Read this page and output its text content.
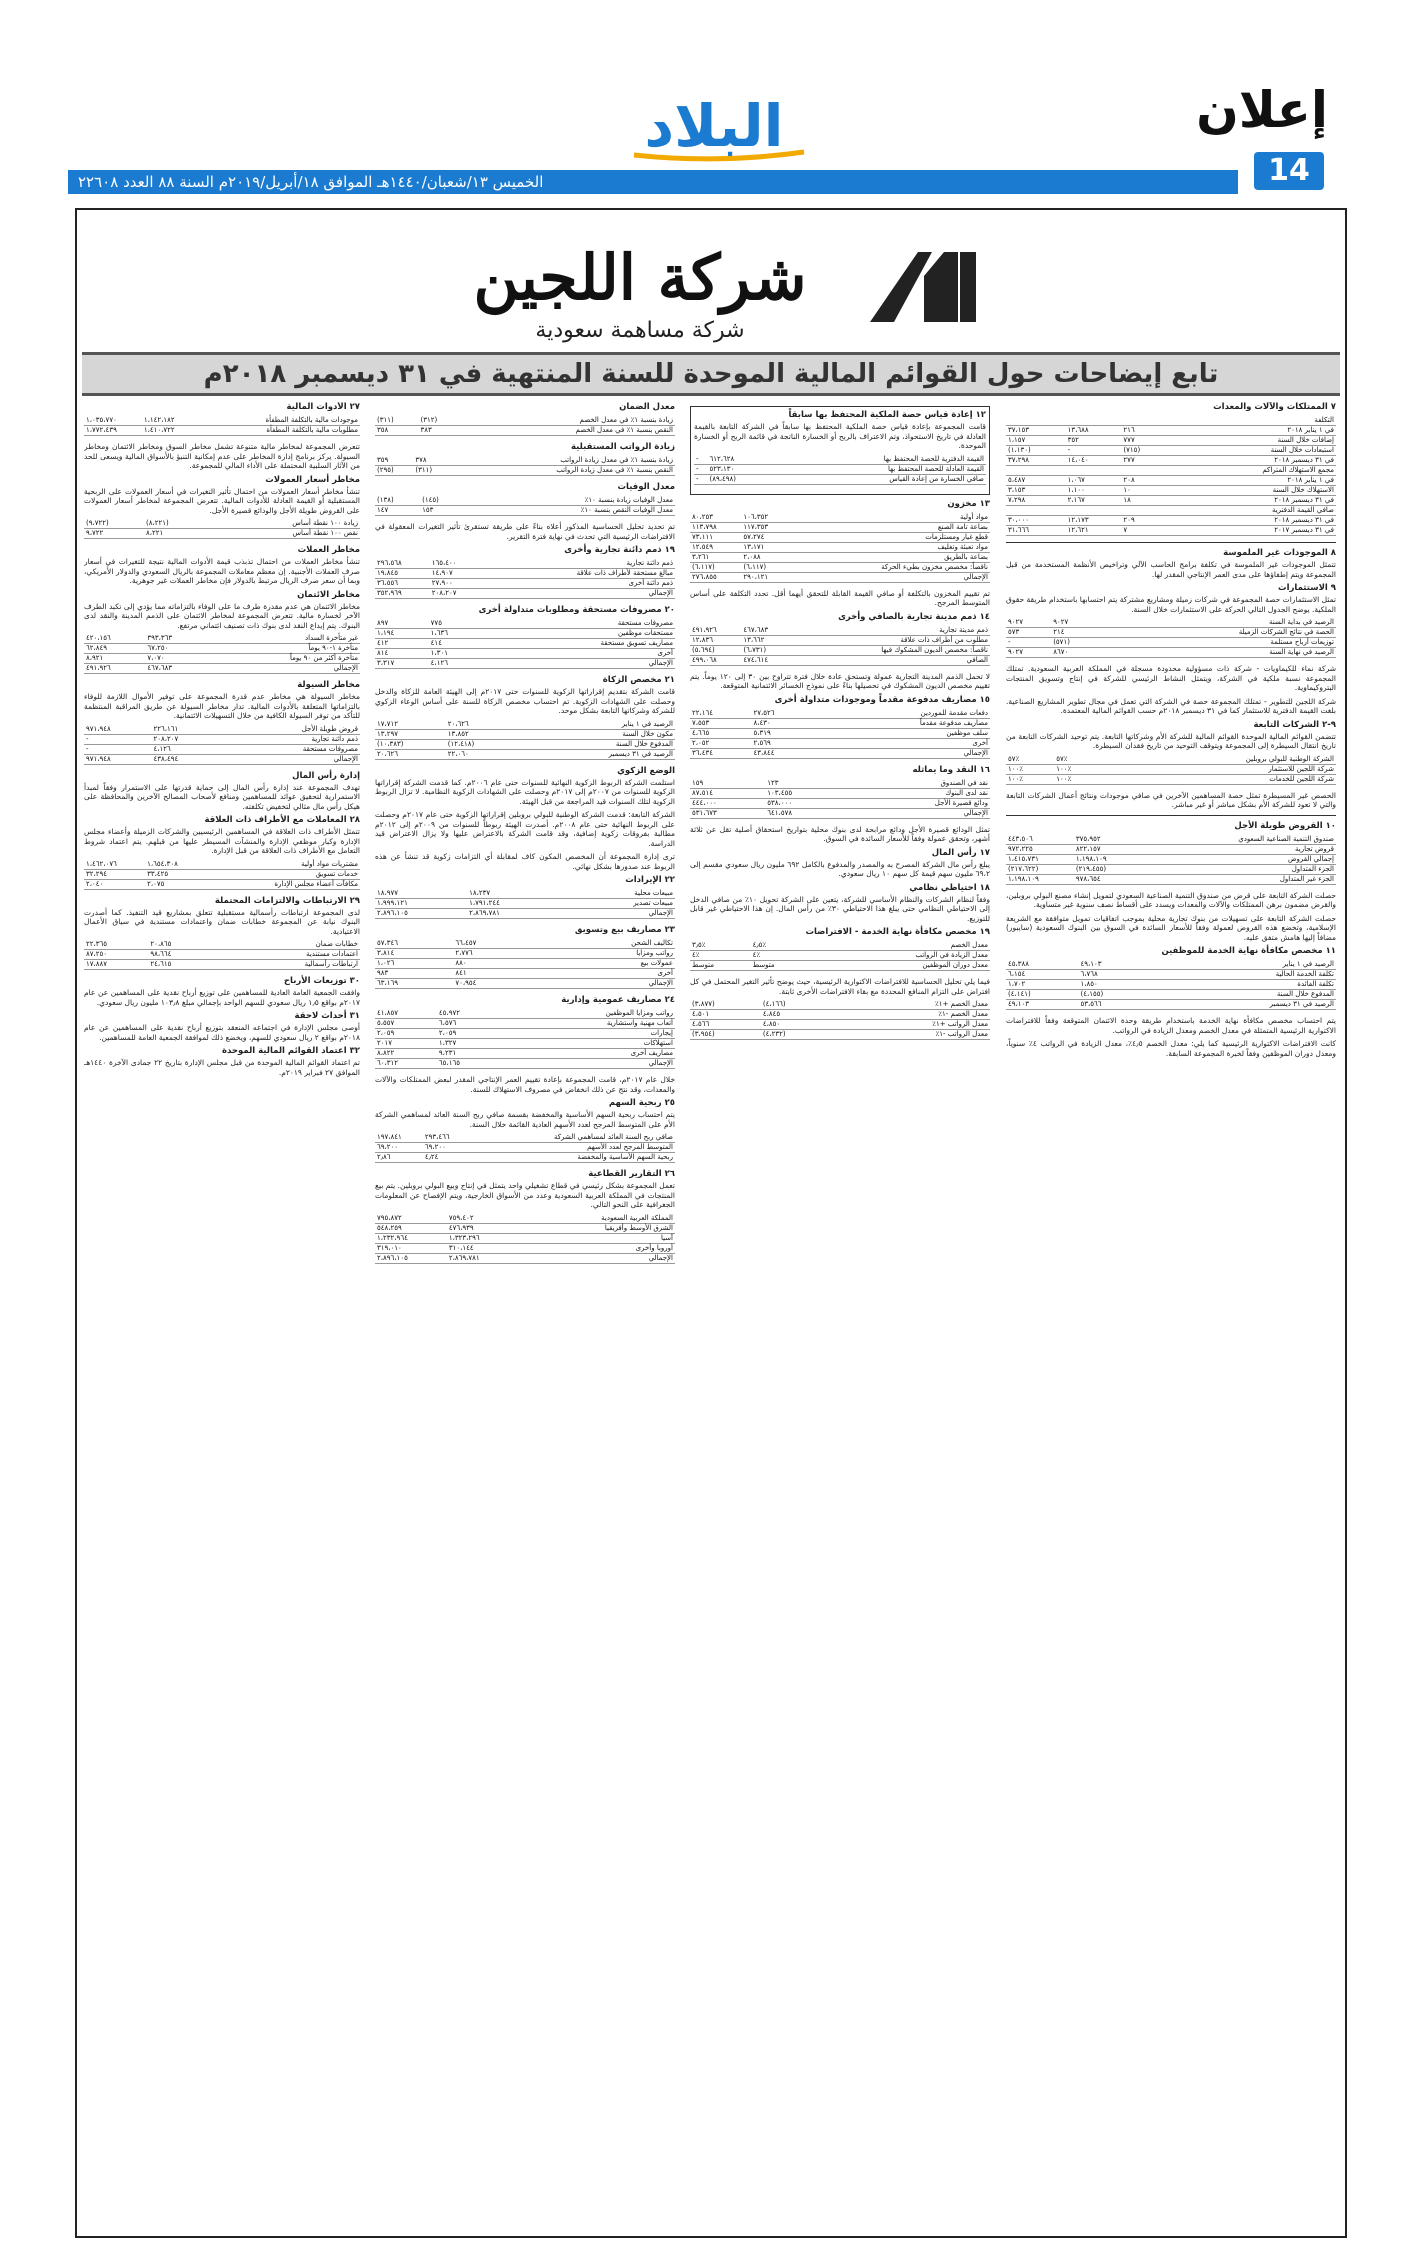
البلاد	إعلان
14
الخميس ١٣/شعبان/١٤٤٠هـ الموافق ١٨/أبريل/٢٠١٩م السنة ٨٨ العدد ٢٢٦٠٨
شركة اللجين
شركة مساهمة سعودية
تابع إيضاحات حول القوائم المالية الموحدة للسنة المنتهية في ٣١ ديسمبر ٢٠١٨م
٧ الممتلكات والآلات والمعدات
			التكلفة
٣٧،١٥٣	١٣،٦٨٨	٢١٦	في ١ يناير ٢٠١٨
١،١٥٧	٣٥٢	٧٧٧	إضافات خلال السنة
(١،١٣٠)	-	(٧١٥)	استبعادات خلال السنة
٣٧،٢٩٨	١٤،٠٤٠	٢٧٧	في ٣١ ديسمبر ٢٠١٨
			مجمع الاستهلاك المتراكم
٥،٤٨٧	١،٠٦٧	٢٠٨	في ١ يناير ٢٠١٨
٣،١٥٣	١،١٠٠	١٠	الاستهلاك خلال السنة
٧،٢٩٨	٢،١٦٧	١٨	في ٣١ ديسمبر ٢٠١٨
			صافي القيمة الدفترية
٣٠،٠٠٠	١٢،١٧٣	٢٠٩	في ٣١ ديسمبر ٢٠١٨
٣١،٦٦٦	١٢،٦٢١	٧	في ٣١ ديسمبر ٢٠١٧
٨ الموجودات غير الملموسة
تتمثل الموجودات غير الملموسة في تكلفة برامج الحاسب الآلي وتراخيص الأنظمة المستخدمة من قبل المجموعة ويتم إطفاؤها على مدى العمر الإنتاجي المقدر لها.
٩ الاستثمارات
تمثل الاستثمارات حصة المجموعة في شركات زميلة ومشاريع مشتركة يتم احتسابها باستخدام طريقة حقوق الملكية. يوضح الجدول التالي الحركة على الاستثمارات خلال السنة.
٩٠٢٧	٩٠٢٧	الرصيد في بداية السنة
٥٧٣	٢١٤	الحصة في نتائج الشركات الزميلة
-	(٥٧١)	توزيعات أرباح مستلمة
٩٠٢٧	٨٦٧٠	الرصيد في نهاية السنة
شركة نماء للكيماويات - شركة ذات مسؤولية محدودة مسجلة في المملكة العربية السعودية. تمتلك المجموعة نسبة ملكية في الشركة، ويتمثل النشاط الرئيسي للشركة في إنتاج وتسويق المنتجات البتروكيماوية.
شركة اللجين للتطوير - تمتلك المجموعة حصة في الشركة التي تعمل في مجال تطوير المشاريع الصناعية. بلغت القيمة الدفترية للاستثمار كما في ٣١ ديسمبر ٢٠١٨م حسب القوائم المالية المعتمدة.
٩-٢ الشركات التابعة
تتضمن القوائم المالية الموحدة القوائم المالية للشركة الأم وشركاتها التابعة. يتم توحيد الشركات التابعة من تاريخ انتقال السيطرة إلى المجموعة ويتوقف التوحيد من تاريخ فقدان السيطرة.
٥٧٪	٥٧٪	الشركة الوطنية للبولي بروبلين
١٠٠٪	١٠٠٪	شركة اللجين للاستثمار
١٠٠٪	١٠٠٪	شركة اللجين للخدمات
الحصص غير المسيطرة تمثل حصة المساهمين الآخرين في صافي موجودات ونتائج أعمال الشركات التابعة والتي لا تعود للشركة الأم بشكل مباشر أو غير مباشر.
١٠ القروض طويلة الأجل
٤٤٣،٥٠٦	٣٧٥،٩٥٢	صندوق التنمية الصناعية السعودي
٩٧٢،٢٢٥	٨٢٢،١٥٧	قروض تجارية
١،٤١٥،٧٣١	١،١٩٨،١٠٩	إجمالي القروض
(٢١٧،٦٢٢)	(٢١٩،٤٥٥)	الجزء المتداول
١،١٩٨،١٠٩	٩٧٨،٦٥٤	الجزء غير المتداول
حصلت الشركة التابعة على قرض من صندوق التنمية الصناعية السعودي لتمويل إنشاء مصنع البولي بروبلين، والقرض مضمون برهن الممتلكات والآلات والمعدات ويسدد على أقساط نصف سنوية غير متساوية.
حصلت الشركة التابعة على تسهيلات من بنوك تجارية محلية بموجب اتفاقيات تمويل متوافقة مع الشريعة الإسلامية، وتخضع هذه القروض لعمولة وفقاً للأسعار السائدة في السوق بين البنوك السعودية (سايبور) مضافاً إليها هامش متفق عليه.
١١ مخصص مكافأة نهاية الخدمة للموظفين
٤٥،٣٨٨	٤٩،١٠٣	الرصيد في ١ يناير
٦،١٥٤	٦،٧٦٨	تكلفة الخدمة الحالية
١،٧٠٢	١،٨٥٠	تكلفة الفائدة
(٤،١٤١)	(٤،١٥٥)	المدفوع خلال السنة
٤٩،١٠٣	٥٣،٥٦٦	الرصيد في ٣١ ديسمبر
يتم احتساب مخصص مكافأة نهاية الخدمة باستخدام طريقة وحدة الائتمان المتوقعة وفقاً للافتراضات الاكتوارية الرئيسية المتمثلة في معدل الخصم ومعدل الزيادة في الرواتب.
كانت الافتراضات الاكتوارية الرئيسية كما يلي: معدل الخصم ٤٫٥٪، معدل الزيادة في الرواتب ٤٪ سنوياً، ومعدل دوران الموظفين وفقاً لخبرة المجموعة السابقة.
١٢ إعادة قياس حصة الملكية المحتفظ بها سابقاً
قامت المجموعة بإعادة قياس حصة الملكية المحتفظ بها سابقاً في الشركة التابعة بالقيمة العادلة في تاريخ الاستحواذ، وتم الاعتراف بالربح أو الخسارة الناتجة في قائمة الربح أو الخسارة الموحدة.
-	٦١٢،٦٢٨	القيمة الدفترية للحصة المحتفظ بها
-	٥٢٣،١٣٠	القيمة العادلة للحصة المحتفظ بها
-	(٨٩،٤٩٨)	صافي الخسارة من إعادة القياس
١٣ مخزون
٨٠،٢٥٣	١٠٦،٣٥٢	مواد أولية
١١٣،٧٩٨	١١٧،٣٥٣	بضاعة تامة الصنع
٧٣،١١١	٥٧،٢٧٤	قطع غيار ومستلزمات
١٢،٥٤٩	١٣،١٧١	مواد تعبئة وتغليف
٣،٢٦١	٢،٠٨٨	بضاعة بالطريق
(٦،١١٧)	(٦،١١٧)	ناقصاً: مخصص مخزون بطيء الحركة
٢٧٦،٨٥٥	٢٩٠،١٢١	الإجمالي
تم تقييم المخزون بالتكلفة أو صافي القيمة القابلة للتحقق أيهما أقل. تحدد التكلفة على أساس المتوسط المرجح.
١٤ ذمم مدينة تجارية بالصافي وأخرى
٤٩١،٩٢٦	٤٦٧،٦٨٣	ذمم مدينة تجارية
١٢،٨٣٦	١٣،٦٦٢	مطلوب من أطراف ذات علاقة
(٥،٦٩٤)	(٦،٧٣١)	ناقصاً: مخصص الديون المشكوك فيها
٤٩٩،٠٦٨	٤٧٤،٦١٤	الصافي
لا تحمل الذمم المدينة التجارية عمولة وتستحق عادة خلال فترة تتراوح بين ٣٠ إلى ١٢٠ يوماً. يتم تقييم مخصص الديون المشكوك في تحصيلها بناءً على نموذج الخسائر الائتمانية المتوقعة.
١٥ مصاريف مدفوعة مقدماً وموجودات متداولة أخرى
٢٢،١٦٤	٢٧،٥٢٦	دفعات مقدمة للموردين
٧،٥٥٣	٨،٤٣٠	مصاريف مدفوعة مقدماً
٤،٦٦٥	٥،٣١٩	سلف موظفين
٢،٠٥٢	٢،٥٦٩	أخرى
٣٦،٤٣٤	٤٣،٨٤٤	الإجمالي
١٦ النقد وما يماثله
١٥٩	١٢٣	نقد في الصندوق
٨٧،٥١٤	١٠٣،٤٥٥	نقد لدى البنوك
٤٤٤،٠٠٠	٥٣٨،٠٠٠	ودائع قصيرة الأجل
٥٣١،٦٧٣	٦٤١،٥٧٨	الإجمالي
تمثل الودائع قصيرة الأجل ودائع مرابحة لدى بنوك محلية بتواريخ استحقاق أصلية تقل عن ثلاثة أشهر، وتحقق عمولة وفقاً للأسعار السائدة في السوق.
١٧ رأس المال
يبلغ رأس مال الشركة المصرح به والمصدر والمدفوع بالكامل ٦٩٢ مليون ريال سعودي مقسم إلى ٦٩،٢ مليون سهم قيمة كل سهم ١٠ ريال سعودي.
١٨ احتياطي نظامي
وفقاً لنظام الشركات والنظام الأساسي للشركة، يتعين على الشركة تحويل ١٠٪ من صافي الدخل إلى الاحتياطي النظامي حتى يبلغ هذا الاحتياطي ٣٠٪ من رأس المال. إن هذا الاحتياطي غير قابل للتوزيع.
١٩ مخصص مكافأة نهاية الخدمة - الافتراضات
٣٫٥٪	٤٫٥٪	معدل الخصم
٤٪	٤٪	معدل الزيادة في الرواتب
متوسط	متوسط	معدل دوران الموظفين
فيما يلي تحليل الحساسية للافتراضات الاكتوارية الرئيسية، حيث يوضح تأثير التغير المحتمل في كل افتراض على التزام المنافع المحددة مع بقاء الافتراضات الأخرى ثابتة.
(٣،٨٧٧)	(٤،١٦٦)	معدل الخصم +١٪
٤،٥٠١	٤،٨٤٥	معدل الخصم -١٪
٤،٥٦٦	٤،٨٥٠	معدل الرواتب +١٪
(٣،٩٥٤)	(٤،٢٣٢)	معدل الرواتب -١٪
معدل الضمان
(٣١١)	(٣١٢)	زيادة بنسبة ١٪ في معدل الخصم
٣٥٨	٣٨٣	النقص بنسبة ١٪ في معدل الخصم
زيادة الرواتب المستقبلية
٣٥٩	٣٧٨	زيادة بنسبة ١٪ في معدل زيادة الرواتب
(٢٩٥)	(٣١١)	النقص بنسبة ١٪ في معدل زيادة الرواتب
معدل الوفيات
(١٣٨)	(١٤٥)	معدل الوفيات زيادة بنسبة ١٠٪
١٤٧	١٥٣	معدل الوفيات النقص بنسبة ١٠٪
تم تحديد تحليل الحساسية المذكور أعلاه بناءً على طريقة تستقرئ تأثير التغيرات المعقولة في الافتراضات الرئيسية التي تحدث في نهاية فترة التقرير.
١٩ ذمم دائنة تجارية وأخرى
٢٩٦،٥٦٨	١٦٥،٤٠٠	ذمم دائنة تجارية
١٩،٨٤٥	١٤،٩٠٧	مبالغ مستحقة لأطراف ذات علاقة
٣٦،٥٥٦	٢٧،٩٠٠	ذمم دائنة أخرى
٣٥٢،٩٦٩	٢٠٨،٢٠٧	الإجمالي
٢٠ مصروفات مستحقة ومطلوبات متداولة أخرى
٨٩٧	٧٧٥	مصروفات مستحقة
١،١٩٤	١،٦٣٦	مستحقات موظفين
٤١٢	٤١٤	مصاريف تسويق مستحقة
٨١٤	١،٣٠١	أخرى
٣،٣١٧	٤،١٢٦	الإجمالي
٢١ مخصص الزكاة
قامت الشركة بتقديم إقراراتها الزكوية للسنوات حتى ٢٠١٧م إلى الهيئة العامة للزكاة والدخل وحصلت على الشهادات الزكوية. تم احتساب مخصص الزكاة للسنة على أساس الوعاء الزكوي للشركة وشركاتها التابعة بشكل موحد.
١٧،٧١٢	٢٠،٦٢٦	الرصيد في ١ يناير
١٣،٢٩٧	١٣،٨٥٢	مكون خلال السنة
(١٠،٣٨٣)	(١٢،٤١٨)	المدفوع خلال السنة
٢٠،٦٢٦	٢٢،٠٦٠	الرصيد في ٣١ ديسمبر
الوضع الزكوي
استلمت الشركة الربوط الزكوية النهائية للسنوات حتى عام ٢٠٠٦م. كما قدمت الشركة إقراراتها الزكوية للسنوات من ٢٠٠٧م إلى ٢٠١٧م وحصلت على الشهادات الزكوية النظامية. لا تزال الربوط الزكوية لتلك السنوات قيد المراجعة من قبل الهيئة.
الشركة التابعة: قدمت الشركة الوطنية للبولي بروبلين إقراراتها الزكوية حتى عام ٢٠١٧م وحصلت على الربوط النهائية حتى عام ٢٠٠٨م. أصدرت الهيئة ربوطاً للسنوات من ٢٠٠٩م إلى ٢٠١٢م مطالبة بفروقات زكوية إضافية، وقد قامت الشركة بالاعتراض عليها ولا يزال الاعتراض قيد الدراسة.
ترى إدارة المجموعة أن المخصص المكون كاف لمقابلة أي التزامات زكوية قد تنشأ عن هذه الربوط عند صدورها بشكل نهائي.
٢٢ الإيرادات
١٨،٩٧٧	١٨،٢٣٧	مبيعات محلية
١،٩٩٩،١٢١	١،٧٩١،٢٤٤	مبيعات تصدير
٢،٨٩٦،١٠٥	٢،٨٦٩،٧٨١	الإجمالي
٢٣ مصاريف بيع وتسويق
٥٧،٣٤٦	٦٦،٤٥٧	تكاليف الشحن
٣،٨١٤	٢،٧٧٦	رواتب ومزايا
١،٠٢٦	٨٨٠	عمولات بيع
٩٨٣	٨٤١	أخرى
٦٣،١٦٩	٧٠،٩٥٤	الإجمالي
٢٤ مصاريف عمومية وإدارية
٤١،٨٥٧	٤٥،٩٧٢	رواتب ومزايا الموظفين
٥،٥٥٧	٦،٥٧٦	أتعاب مهنية واستشارية
٢،٠٥٩	٢،٠٥٩	إيجارات
٢٠١٧	١،٣٢٧	استهلاكات
٨،٨٢٢	٩،٢٣١	مصاريف أخرى
٦٠،٣١٢	٦٥،١٦٥	الإجمالي
خلال عام ٢٠١٧م، قامت المجموعة بإعادة تقييم العمر الإنتاجي المقدر لبعض الممتلكات والآلات والمعدات، وقد نتج عن ذلك انخفاض في مصروف الاستهلاك للسنة.
٢٥ ربحية السهم
يتم احتساب ربحية السهم الأساسية والمخفضة بقسمة صافي ربح السنة العائد لمساهمي الشركة الأم على المتوسط المرجح لعدد الأسهم العادية القائمة خلال السنة.
١٩٧،٨٤١	٢٩٣،٤٦٦	صافي ربح السنة العائد لمساهمي الشركة
٦٩،٢٠٠	٦٩،٢٠٠	المتوسط المرجح لعدد الأسهم
٢٫٨٦	٤٫٢٤	ربحية السهم الأساسية والمخفضة
٢٦ التقارير القطاعية
تعمل المجموعة بشكل رئيسي في قطاع تشغيلي واحد يتمثل في إنتاج وبيع البولي بروبلين. يتم بيع المنتجات في المملكة العربية السعودية وعدد من الأسواق الخارجية، ويتم الإفصاح عن المعلومات الجغرافية على النحو التالي.
٧٩٥،٨٧٢	٧٥٩،٤٠٢	المملكة العربية السعودية
٥٤٨،٢٥٩	٤٧٦،٩٣٩	الشرق الأوسط وأفريقيا
١،٢٣٢،٩٦٤	١،٣٢٣،٢٩٦	آسيا
٣١٩،٠١٠	٣١٠،١٤٤	أوروبا وأخرى
٢،٨٩٦،١٠٥	٢،٨٦٩،٧٨١	الإجمالي
٢٧ الأدوات المالية
١،٠٣٥،٧٧٠	١،١٤٢،١٨٢	موجودات مالية بالتكلفة المطفأة
١،٧٧٢،٤٣٩	١،٤١٠،٧٢٢	مطلوبات مالية بالتكلفة المطفأة
تتعرض المجموعة لمخاطر مالية متنوعة تشمل مخاطر السوق ومخاطر الائتمان ومخاطر السيولة. يركز برنامج إدارة المخاطر على عدم إمكانية التنبؤ بالأسواق المالية ويسعى للحد من الآثار السلبية المحتملة على الأداء المالي للمجموعة.
مخاطر أسعار العمولات
تنشأ مخاطر أسعار العمولات من احتمال تأثير التغيرات في أسعار العمولات على الربحية المستقبلية أو القيمة العادلة للأدوات المالية. تتعرض المجموعة لمخاطر أسعار العمولات على القروض طويلة الأجل والودائع قصيرة الأجل.
(٩،٧٢٢)	(٨،٢٢١)	زيادة ١٠٠ نقطة أساس
٩،٧٢٢	٨،٢٢١	نقص ١٠٠ نقطة أساس
مخاطر العملات
تنشأ مخاطر العملات من احتمال تذبذب قيمة الأدوات المالية نتيجة للتغيرات في أسعار صرف العملات الأجنبية. إن معظم معاملات المجموعة بالريال السعودي والدولار الأمريكي، وبما أن سعر صرف الريال مرتبط بالدولار فإن مخاطر العملات غير جوهرية.
مخاطر الائتمان
مخاطر الائتمان هي عدم مقدرة طرف ما على الوفاء بالتزاماته مما يؤدي إلى تكبد الطرف الآخر لخسارة مالية. تتعرض المجموعة لمخاطر الائتمان على الذمم المدينة والنقد لدى البنوك. يتم إيداع النقد لدى بنوك ذات تصنيف ائتماني مرتفع.
٤٢٠،١٥٦	٣٩٣،٣٦٣	غير متأخرة السداد
٦٢،٨٤٩	٦٧،٢٥٠	متأخرة ١-٩٠ يوماً
٨،٩٢١	٧،٠٧٠	متأخرة أكثر من ٩٠ يوماً
٤٩١،٩٢٦	٤٦٧،٦٨٣	الإجمالي
مخاطر السيولة
مخاطر السيولة هي مخاطر عدم قدرة المجموعة على توفير الأموال اللازمة للوفاء بالتزاماتها المتعلقة بالأدوات المالية. تدار مخاطر السيولة عن طريق المراقبة المنتظمة للتأكد من توفر السيولة الكافية من خلال التسهيلات الائتمانية.
٩٧١،٩٤٨	٢٢٦،١٦١	قروض طويلة الأجل
-	٢٠٨،٢٠٧	ذمم دائنة تجارية
-	٤،١٢٦	مصروفات مستحقة
٩٧١،٩٤٨	٤٣٨،٤٩٤	الإجمالي
إدارة رأس المال
تهدف المجموعة عند إدارة رأس المال إلى حماية قدرتها على الاستمرار وفقاً لمبدأ الاستمرارية لتحقيق عوائد للمساهمين ومنافع لأصحاب المصالح الآخرين والمحافظة على هيكل رأس مال مثالي لتخفيض تكلفته.
٢٨ المعاملات مع الأطراف ذات العلاقة
تتمثل الأطراف ذات العلاقة في المساهمين الرئيسيين والشركات الزميلة وأعضاء مجلس الإدارة وكبار موظفي الإدارة والمنشآت المسيطر عليها من قبلهم. يتم اعتماد شروط التعامل مع الأطراف ذات العلاقة من قبل الإدارة.
١،٤٦٢،٠٧٦	١،٦٥٤،٣٠٨	مشتريات مواد أولية
٣٢،٢٩٤	٣٣،٤٢٥	خدمات تسويق
٢،٠٤٠	٢،٠٧٥	مكافآت أعضاء مجلس الإدارة
٢٩ الارتباطات والالتزامات المحتملة
لدى المجموعة ارتباطات رأسمالية مستقبلية تتعلق بمشاريع قيد التنفيذ. كما أصدرت البنوك نيابة عن المجموعة خطابات ضمان واعتمادات مستندية في سياق الأعمال الاعتيادية.
٢٢،٣٦٥	٢٠،٨٦٥	خطابات ضمان
٨٧،٢٥٠	٩٨،٦٦٤	اعتمادات مستندية
١٧،٨٨٧	٢٤،٦١٥	ارتباطات رأسمالية
٣٠ توزيعات الأرباح
وافقت الجمعية العامة العادية للمساهمين على توزيع أرباح نقدية على المساهمين عن عام ٢٠١٧م بواقع ١٫٥ ريال سعودي للسهم الواحد بإجمالي مبلغ ١٠٣٫٨ مليون ريال سعودي.
٣١ أحداث لاحقة
أوصى مجلس الإدارة في اجتماعه المنعقد بتوزيع أرباح نقدية على المساهمين عن عام ٢٠١٨م بواقع ٢ ريال سعودي للسهم، ويخضع ذلك لموافقة الجمعية العامة للمساهمين.
٣٢ اعتماد القوائم المالية الموحدة
تم اعتماد القوائم المالية الموحدة من قبل مجلس الإدارة بتاريخ ٢٢ جمادى الآخرة ١٤٤٠هـ الموافق ٢٧ فبراير ٢٠١٩م.
